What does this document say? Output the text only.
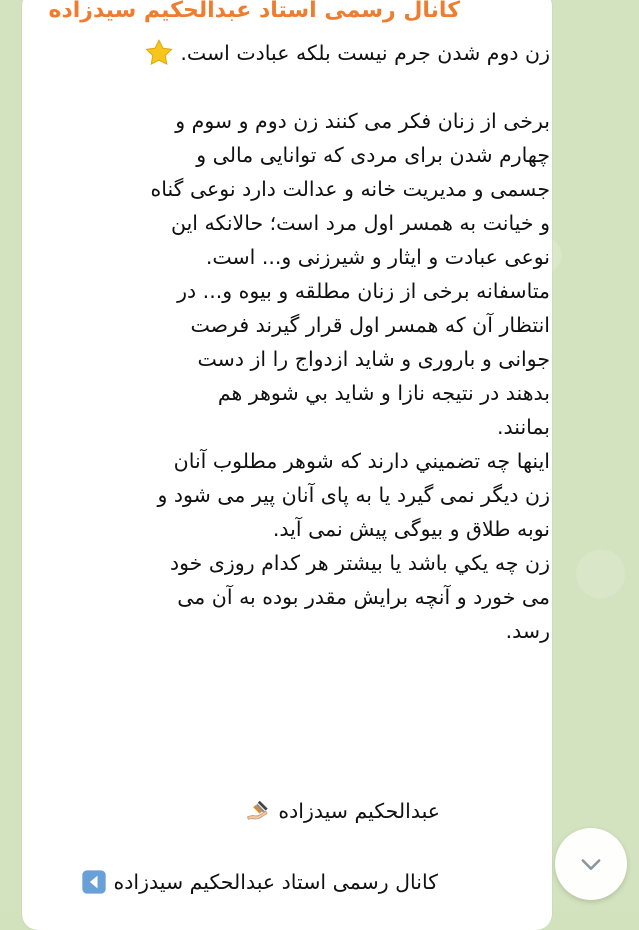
كانال رسمی استاد عبدالحکیم سیدزاده
زن دوم شدن جرم نیست بلکه عبادت است.
برخی از زنان فکر می کنند زن دوم و سوم و
چهارم شدن برای مردی که توانایی مالی و
جسمی و مدیریت خانه و عدالت دارد نوعی گناه
و خیانت به همسر اول مرد است؛ حالانکه این
نوعی عبادت و ایثار و شیرزنی و... است.
متاسفانه برخی از زنان مطلقه و بیوه و... در
انتظار آن که همسر اول قرار گیرند فرصت
جوانی و باروری و شاید ازدواج را از دست
بدهند در نتیجه نازا و شاید بي شوهر هم
بمانند.
اینها چه تضمیني دارند که شوهر مطلوب آنان
زن دیگر نمی گیرد یا به پای آنان پیر می شود و
نوبه طلاق و بیوگی پیش نمی آید.
زن چه یکي باشد یا بیشتر هر کدام روزی خود
می خورد و آنچه برایش مقدر بوده به آن می
رسد.
عبدالحکیم سیدزاده
کانال رسمی استاد عبدالحکیم سیدزاده
